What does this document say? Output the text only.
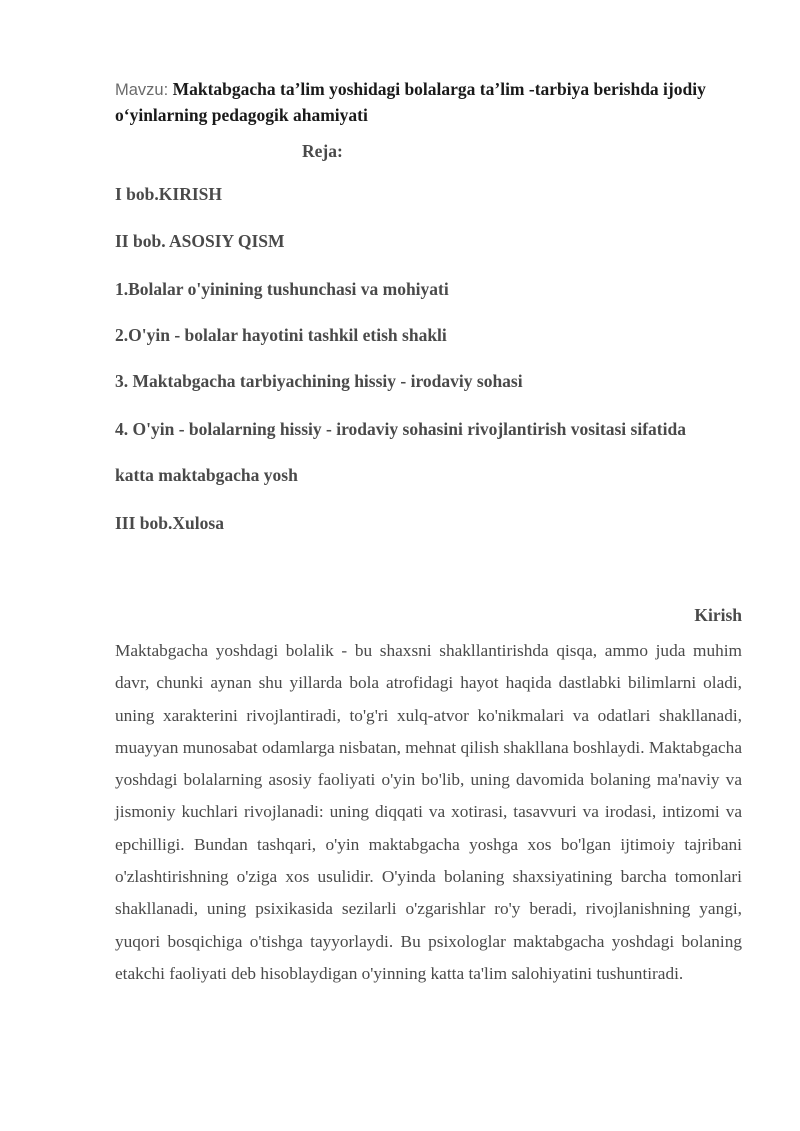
Mavzu: Maktabgacha ta’lim yoshidagi bolalarga ta’lim -tarbiya berishda ijodiy o‘yinlarning pedagogik ahamiyati
Reja:
I bob.KIRISH
II bob. ASOSIY QISM
1.Bolalar o'yinining tushunchasi va mohiyati
2.O'yin - bolalar hayotini tashkil etish shakli
3. Maktabgacha tarbiyachining hissiy - irodaviy sohasi
4. O'yin - bolalarning hissiy - irodaviy sohasini rivojlantirish vositasi sifatida
katta maktabgacha yosh
III bob.Xulosa
Kirish

Maktabgacha yoshdagi bolalik - bu shaxsni shakllantirishda qisqa, ammo juda muhim davr, chunki aynan shu yillarda bola atrofidagi hayot haqida dastlabki bilimlarni oladi, uning xarakterini rivojlantiradi, to'g'ri xulq-atvor ko'nikmalari va odatlari shakllanadi, muayyan munosabat odamlarga nisbatan, mehnat qilish shakllana boshlaydi. Maktabgacha yoshdagi bolalarning asosiy faoliyati o'yin bo'lib, uning davomida bolaning ma'naviy va jismoniy kuchlari rivojlanadi: uning diqqati va xotirasi, tasavvuri va irodasi, intizomi va epchilligi. Bundan tashqari, o'yin maktabgacha yoshga xos bo'lgan ijtimoiy tajribani o'zlashtirishning o'ziga xos usulidir. O'yinda bolaning shaxsiyatining barcha tomonlari shakllanadi, uning psixikasida sezilarli o'zgarishlar ro'y beradi, rivojlanishning yangi, yuqori bosqichiga o'tishga tayyorlaydi. Bu psixologlar maktabgacha yoshdagi bolaning etakchi faoliyati deb hisoblaydigan o'yinning katta ta'lim salohiyatini tushuntiradi.
